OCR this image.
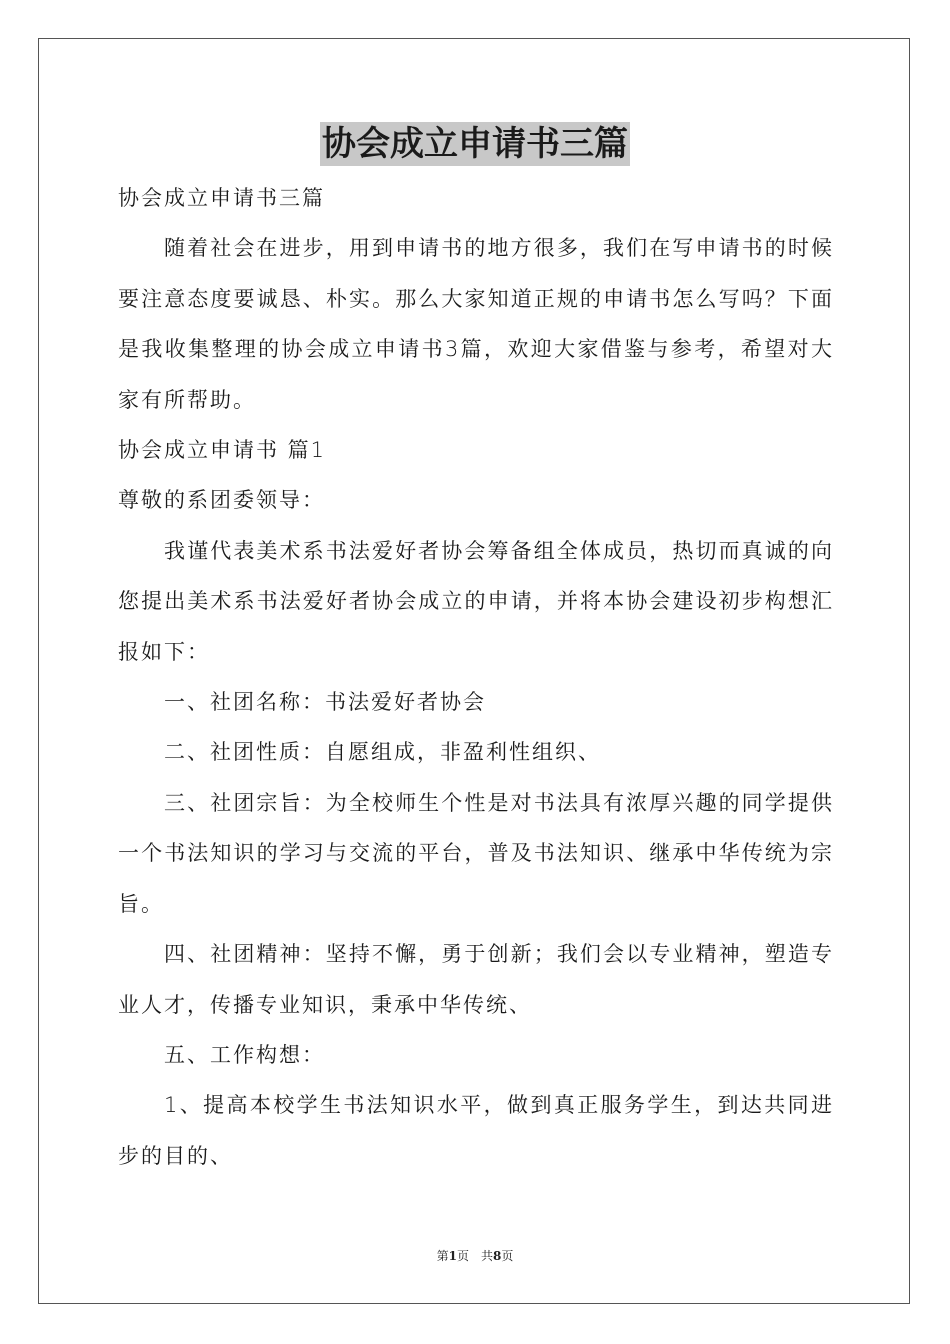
协会成立申请书三篇

协会成立申请书三篇

随着社会在进步，用到申请书的地方很多，我们在写申请书的时候要注意态度要诚恳、朴实。那么大家知道正规的申请书怎么写吗？下面是我收集整理的协会成立申请书3篇，欢迎大家借鉴与参考，希望对大家有所帮助。

协会成立申请书 篇1

尊敬的系团委领导：

我谨代表美术系书法爱好者协会筹备组全体成员，热切而真诚的向您提出美术系书法爱好者协会成立的申请，并将本协会建设初步构想汇报如下：

一、社团名称：书法爱好者协会

二、社团性质：自愿组成，非盈利性组织、

三、社团宗旨：为全校师生个性是对书法具有浓厚兴趣的同学提供一个书法知识的学习与交流的平台，普及书法知识、继承中华传统为宗旨。

四、社团精神：坚持不懈，勇于创新；我们会以专业精神，塑造专业人才，传播专业知识，秉承中华传统、

五、工作构想：

1、提高本校学生书法知识水平，做到真正服务学生，到达共同进步的目的、

第1页　共8页
